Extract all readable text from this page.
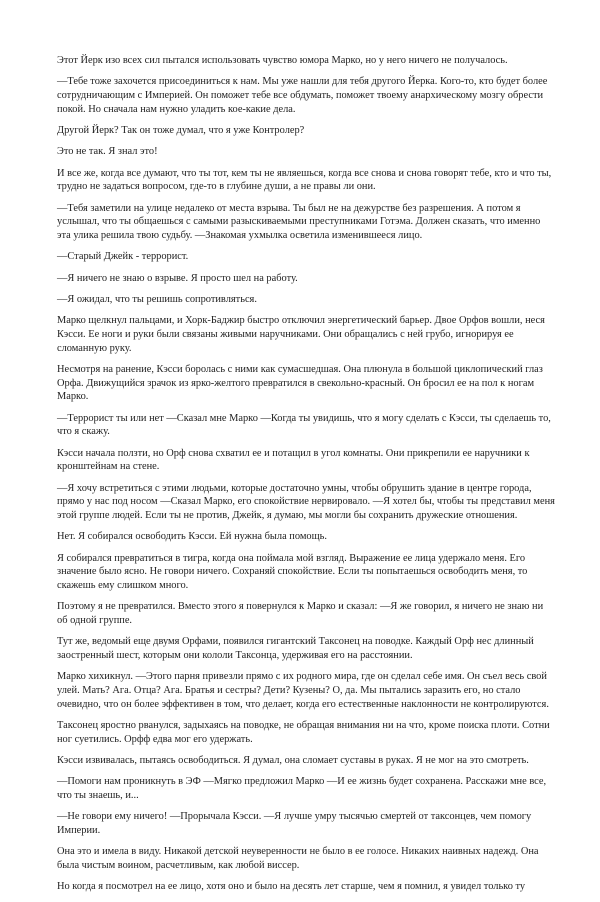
Этот Йерк изо всех сил пытался использовать чувство юмора Марко, но у него ничего не получалось.

—Тебе тоже захочется присоединиться к нам. Мы уже нашли для тебя другого Йерка. Кого-то, кто будет более
сотрудничающим с Империей. Он поможет тебе все обдумать, поможет твоему анархическому мозгу обрести
покой. Но сначала нам нужно уладить кое-какие дела.

Другой Йерк? Так он тоже думал, что я уже Контролер?

Это не так. Я знал это!

И все же, когда все думают, что ты тот, кем ты не являешься, когда все снова и снова говорят тебе, кто и что ты,
трудно не задаться вопросом, где-то в глубине души, а не правы ли они.

—Тебя заметили на улице недалеко от места взрыва. Ты был не на дежурстве без разрешения. А потом я
услышал, что ты общаешься с самыми разыскиваемыми преступниками Готэма. Должен сказать, что именно
эта улика решила твою судьбу. —Знакомая ухмылка осветила изменившееся лицо.

—Старый Джейк - террорист.

—Я ничего не знаю о взрыве. Я просто шел на работу.

—Я ожидал, что ты решишь сопротивляться.

Марко щелкнул пальцами, и Хорк-Баджир быстро отключил энергетический барьер. Двое Орфов вошли, неся
Кэсси. Ее ноги и руки были связаны живыми наручниками. Они обращались с ней грубо, игнорируя ее
сломанную руку.

Несмотря на ранение, Кэсси боролась с ними как сумасшедшая. Она плюнула в большой циклопический глаз
Орфа. Движущийся зрачок из ярко-желтого превратился в свекольно-красный. Он бросил ее на пол к ногам
Марко.

—Террорист ты или нет —Сказал мне Марко —Когда ты увидишь, что я могу сделать с Кэсси, ты сделаешь то,
что я скажу.

Кэсси начала ползти, но Орф снова схватил ее и потащил в угол комнаты. Они прикрепили ее наручники к
кронштейнам на стене.

—Я хочу встретиться с этими людьми, которые достаточно умны, чтобы обрушить здание в центре города,
прямо у нас под носом —Сказал Марко, его спокойствие нервировало. —Я хотел бы, чтобы ты представил меня
этой группе людей. Если ты не против, Джейк, я думаю, мы могли бы сохранить дружеские отношения.

Нет. Я собирался освободить Кэсси. Ей нужна была помощь.

Я собирался превратиться в тигра, когда она поймала мой взгляд. Выражение ее лица удержало меня. Его
значение было ясно. Не говори ничего. Сохраняй спокойствие. Если ты попытаешься освободить меня, то
скажешь ему слишком много.

Поэтому я не превратился. Вместо этого я повернулся к Марко и сказал: —Я же говорил, я ничего не знаю ни
об одной группе.

Тут же, ведомый еще двумя Орфами, появился гигантский Таксонец на поводке. Каждый Орф нес длинный
заостренный шест, которым они кололи Таксонца, удерживая его на расстоянии.

Марко хихикнул. —Этого парня привезли прямо с их родного мира, где он сделал себе имя. Он съел весь свой
улей. Мать? Ага. Отца? Ага. Братья и сестры? Дети? Кузены? О, да. Мы пытались заразить его, но стало
очевидно, что он более эффективен в том, что делает, когда его естественные наклонности не контролируются.

Таксонец яростно рванулся, задыхаясь на поводке, не обращая внимания ни на что, кроме поиска плоти. Сотни
ног суетились. Орфф едва мог его удержать.

Кэсси извивалась, пытаясь освободиться. Я думал, она сломает суставы в руках. Я не мог на это смотреть.

—Помоги нам проникнуть в ЭФ —Мягко предложил Марко —И ее жизнь будет сохранена. Расскажи мне все,
что ты знаешь, и...

—Не говори ему ничего! —Прорычала Кэсси. —Я лучше умру тысячью смертей от таксонцев, чем помогу
Империи.

Она это и имела в виду. Никакой детской неуверенности не было в ее голосе. Никаких наивных надежд. Она
была чистым воином, расчетливым, как любой виссер.

Но когда я посмотрел на ее лицо, хотя оно и было на десять лет старше, чем я помнил, я увидел только ту
